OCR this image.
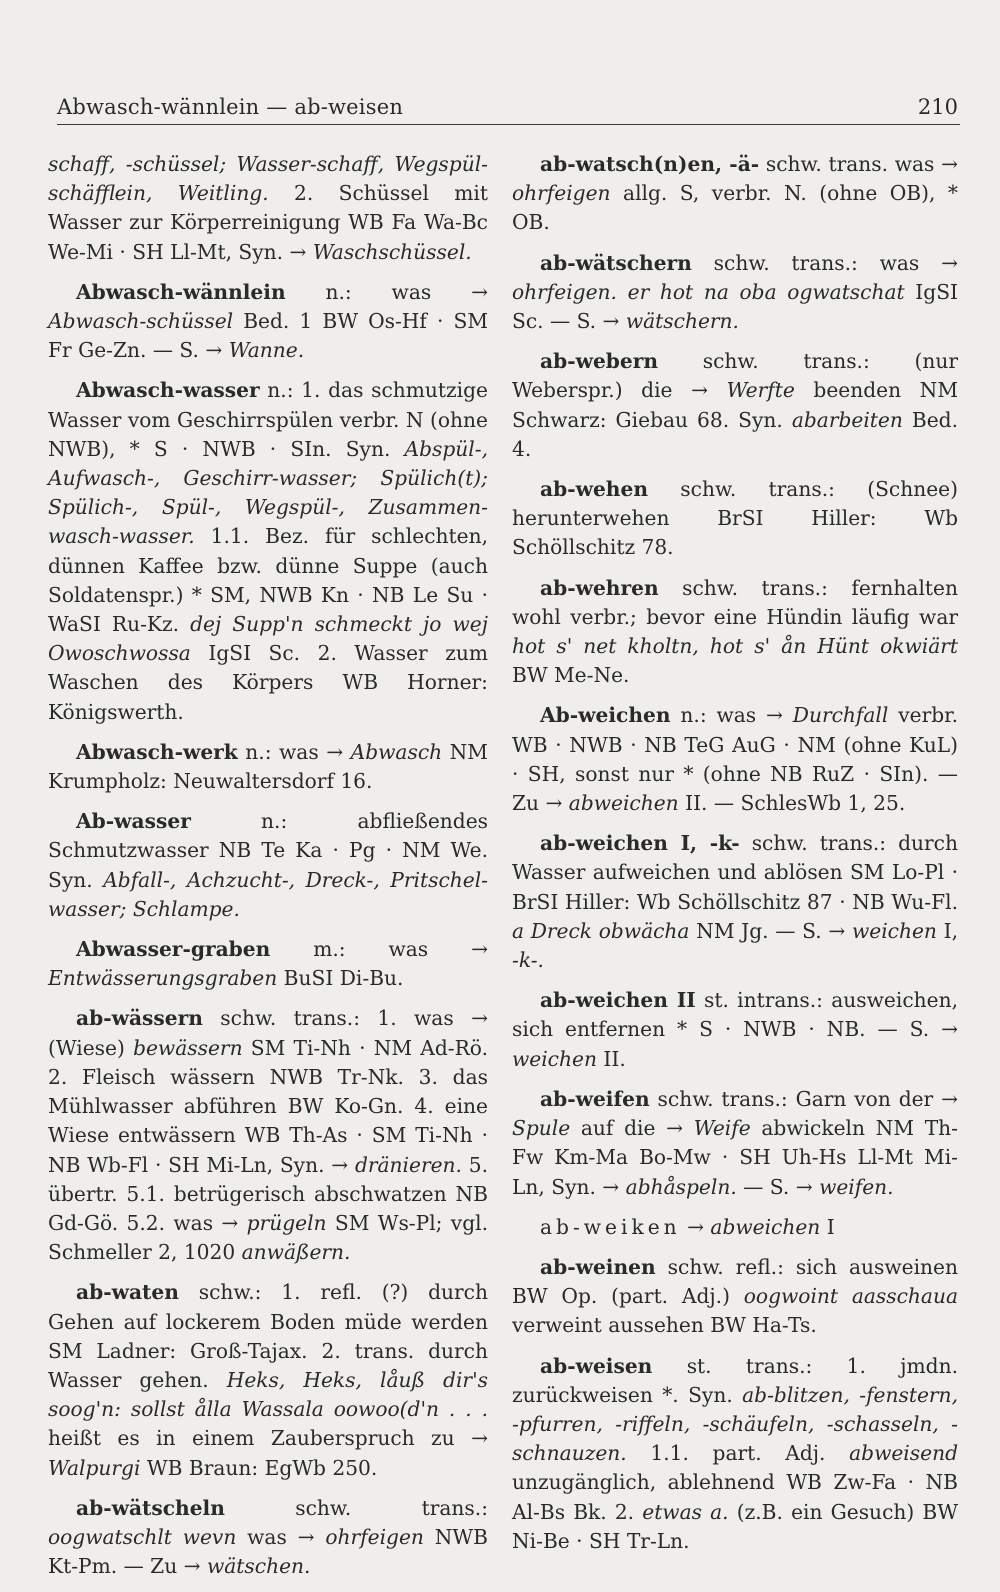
Abwasch-wännlein — ab-weisen	210

schaff, -schüssel; Wasser-schaff, Wegspül-schäfflein, Weitling. 2. Schüssel mit Wasser zur Körperreinigung WB Fa Wa-Bc We-Mi · SH Ll-Mt, Syn. → Waschschüssel.

Abwasch-wännlein n.: was → Abwasch-schüssel Bed. 1 BW Os-Hf · SM Fr Ge-Zn. — S. → Wanne.

Abwasch-wasser n.: 1. das schmutzige Wasser vom Geschirrspülen verbr. N (ohne NWB), * S · NWB · SIn. Syn. Abspül-, Aufwasch-, Geschirr-wasser; Spülich(t); Spülich-, Spül-, Wegspül-, Zusammen-wasch-wasser. 1.1. Bez. für schlechten, dünnen Kaffee bzw. dünne Suppe (auch Soldatenspr.) * SM, NWB Kn · NB Le Su · WaSI Ru-Kz. dej Supp'n schmeckt jo wej Owoschwossa IgSI Sc. 2. Wasser zum Waschen des Körpers WB Horner: Königswerth.

Abwasch-werk n.: was → Abwasch NM Krumpholz: Neuwaltersdorf 16.

Ab-wasser n.: abfließendes Schmutzwasser NB Te Ka · Pg · NM We. Syn. Abfall-, Achzucht-, Dreck-, Pritschel-wasser; Schlampe.

Abwasser-graben m.: was → Entwässerungsgraben BuSI Di-Bu.

ab-wässern schw. trans.: 1. was → (Wiese) bewässern SM Ti-Nh · NM Ad-Rö. 2. Fleisch wässern NWB Tr-Nk. 3. das Mühlwasser abführen BW Ko-Gn. 4. eine Wiese entwässern WB Th-As · SM Ti-Nh · NB Wb-Fl · SH Mi-Ln, Syn. → dränieren. 5. übertr. 5.1. betrügerisch abschwatzen NB Gd-Gö. 5.2. was → prügeln SM Ws-Pl; vgl. Schmeller 2, 1020 anwäßern.

ab-waten schw.: 1. refl. (?) durch Gehen auf lockerem Boden müde werden SM Ladner: Groß-Tajax. 2. trans. durch Wasser gehen. Heks, Heks, låuß dir's soog'n: sollst ålla Wassala oowoo(d'n . . . heißt es in einem Zauberspruch zu → Walpurgi WB Braun: EgWb 250.

ab-wätscheln schw. trans.: oogwatschlt wevn was → ohrfeigen NWB Kt-Pm. — Zu → wätschen.

ab-watsch(n)en, -ä- schw. trans. was → ohrfeigen allg. S, verbr. N. (ohne OB), * OB.

ab-wätschern schw. trans.: was → ohrfeigen. er hot na oba ogwatschat IgSI Sc. — S. → wätschern.

ab-webern schw. trans.: (nur Weberspr.) die → Werfte beenden NM Schwarz: Giebau 68. Syn. abarbeiten Bed. 4.

ab-wehen schw. trans.: (Schnee) herunterwehen BrSI Hiller: Wb Schöllschitz 78.

ab-wehren schw. trans.: fernhalten wohl verbr.; bevor eine Hündin läufig war hot s' net kholtn, hot s' ån Hünt okwiärt BW Me-Ne.

Ab-weichen n.: was → Durchfall verbr. WB · NWB · NB TeG AuG · NM (ohne KuL) · SH, sonst nur * (ohne NB RuZ · SIn). — Zu → abweichen II. — SchlesWb 1, 25.

ab-weichen I, -k- schw. trans.: durch Wasser aufweichen und ablösen SM Lo-Pl · BrSI Hiller: Wb Schöllschitz 87 · NB Wu-Fl. a Dreck obwächa NM Jg. — S. → weichen I, -k-.

ab-weichen II st. intrans.: ausweichen, sich entfernen * S · NWB · NB. — S. → weichen II.

ab-weifen schw. trans.: Garn von der → Spule auf die → Weife abwickeln NM Th-Fw Km-Ma Bo-Mw · SH Uh-Hs Ll-Mt Mi-Ln, Syn. → abhåspeln. — S. → weifen.

ab-weiken → abweichen I

ab-weinen schw. refl.: sich ausweinen BW Op. (part. Adj.) oogwoint aasschaua verweint aussehen BW Ha-Ts.

ab-weisen st. trans.: 1. jmdn. zurückweisen *. Syn. ab-blitzen, -fenstern, -pfurren, -riffeln, -schäufeln, -schasseln, -schnauzen. 1.1. part. Adj. abweisend unzugänglich, ablehnend WB Zw-Fa · NB Al-Bs Bk. 2. etwas a. (z.B. ein Gesuch) BW Ni-Be · SH Tr-Ln.
